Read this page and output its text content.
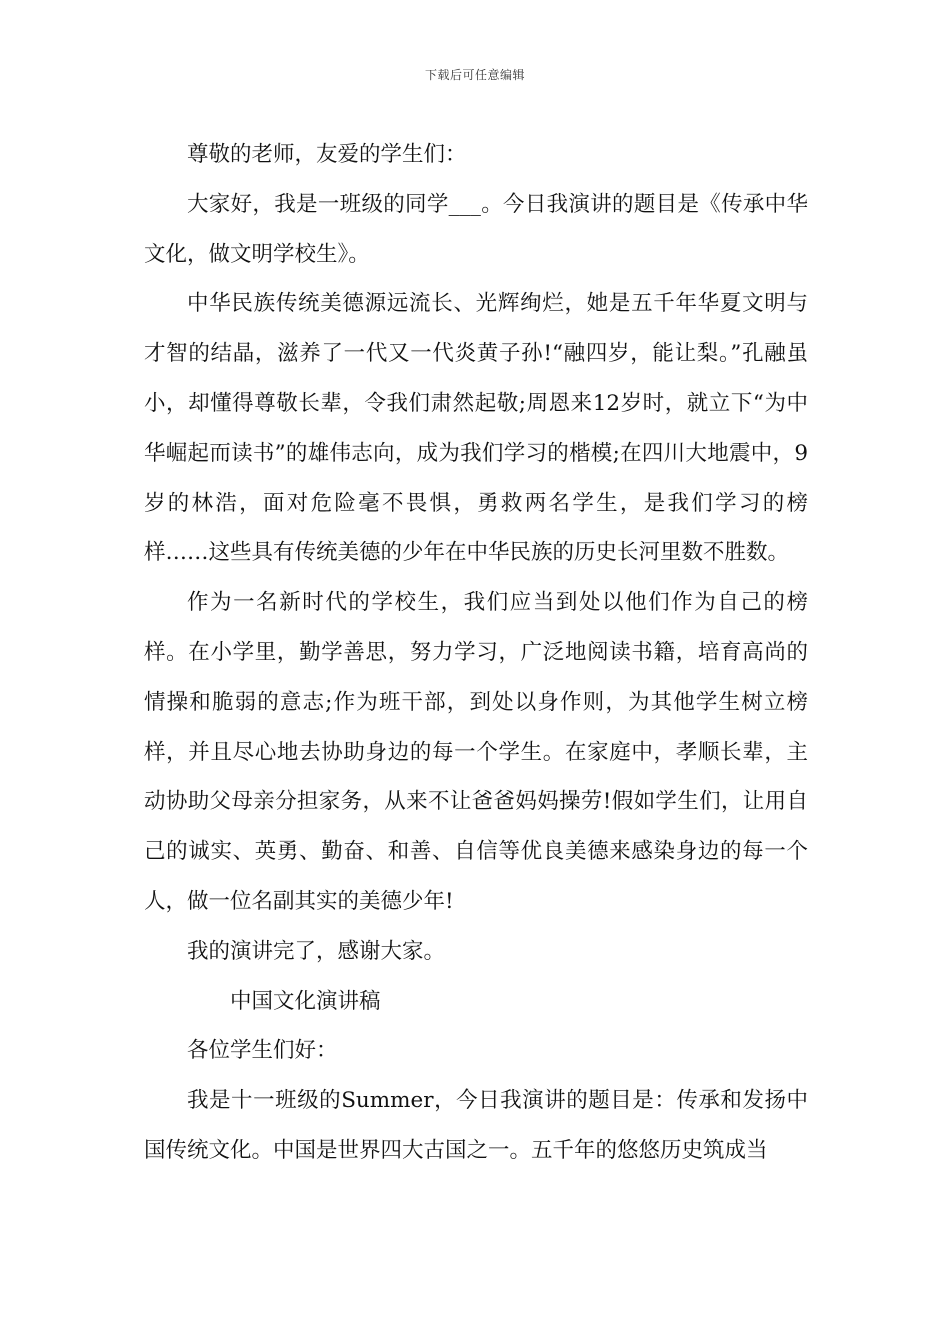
下载后可任意编辑

尊敬的老师，友爱的学生们：

大家好，我是一班级的同学___。今日我演讲的题目是《传承中华文化，做文明学校生》。

中华民族传统美德源远流长、光辉绚烂，她是五千年华夏文明与才智的结晶，滋养了一代又一代炎黄子孙!“融四岁，能让梨。”孔融虽小，却懂得尊敬长辈，令我们肃然起敬;周恩来12岁时，就立下“为中华崛起而读书”的雄伟志向，成为我们学习的楷模;在四川大地震中，9岁的林浩，面对危险毫不畏惧，勇救两名学生，是我们学习的榜样……这些具有传统美德的少年在中华民族的历史长河里数不胜数。

作为一名新时代的学校生，我们应当到处以他们作为自己的榜样。在小学里，勤学善思，努力学习，广泛地阅读书籍，培育高尚的情操和脆弱的意志;作为班干部，到处以身作则，为其他学生树立榜样，并且尽心地去协助身边的每一个学生。在家庭中，孝顺长辈，主动协助父母亲分担家务，从来不让爸爸妈妈操劳!假如学生们，让用自己的诚实、英勇、勤奋、和善、自信等优良美德来感染身边的每一个人，做一位名副其实的美德少年!

我的演讲完了，感谢大家。

中国文化演讲稿

各位学生们好：

我是十一班级的Summer，今日我演讲的题目是：传承和发扬中国传统文化。中国是世界四大古国之一。五千年的悠悠历史筑成当
